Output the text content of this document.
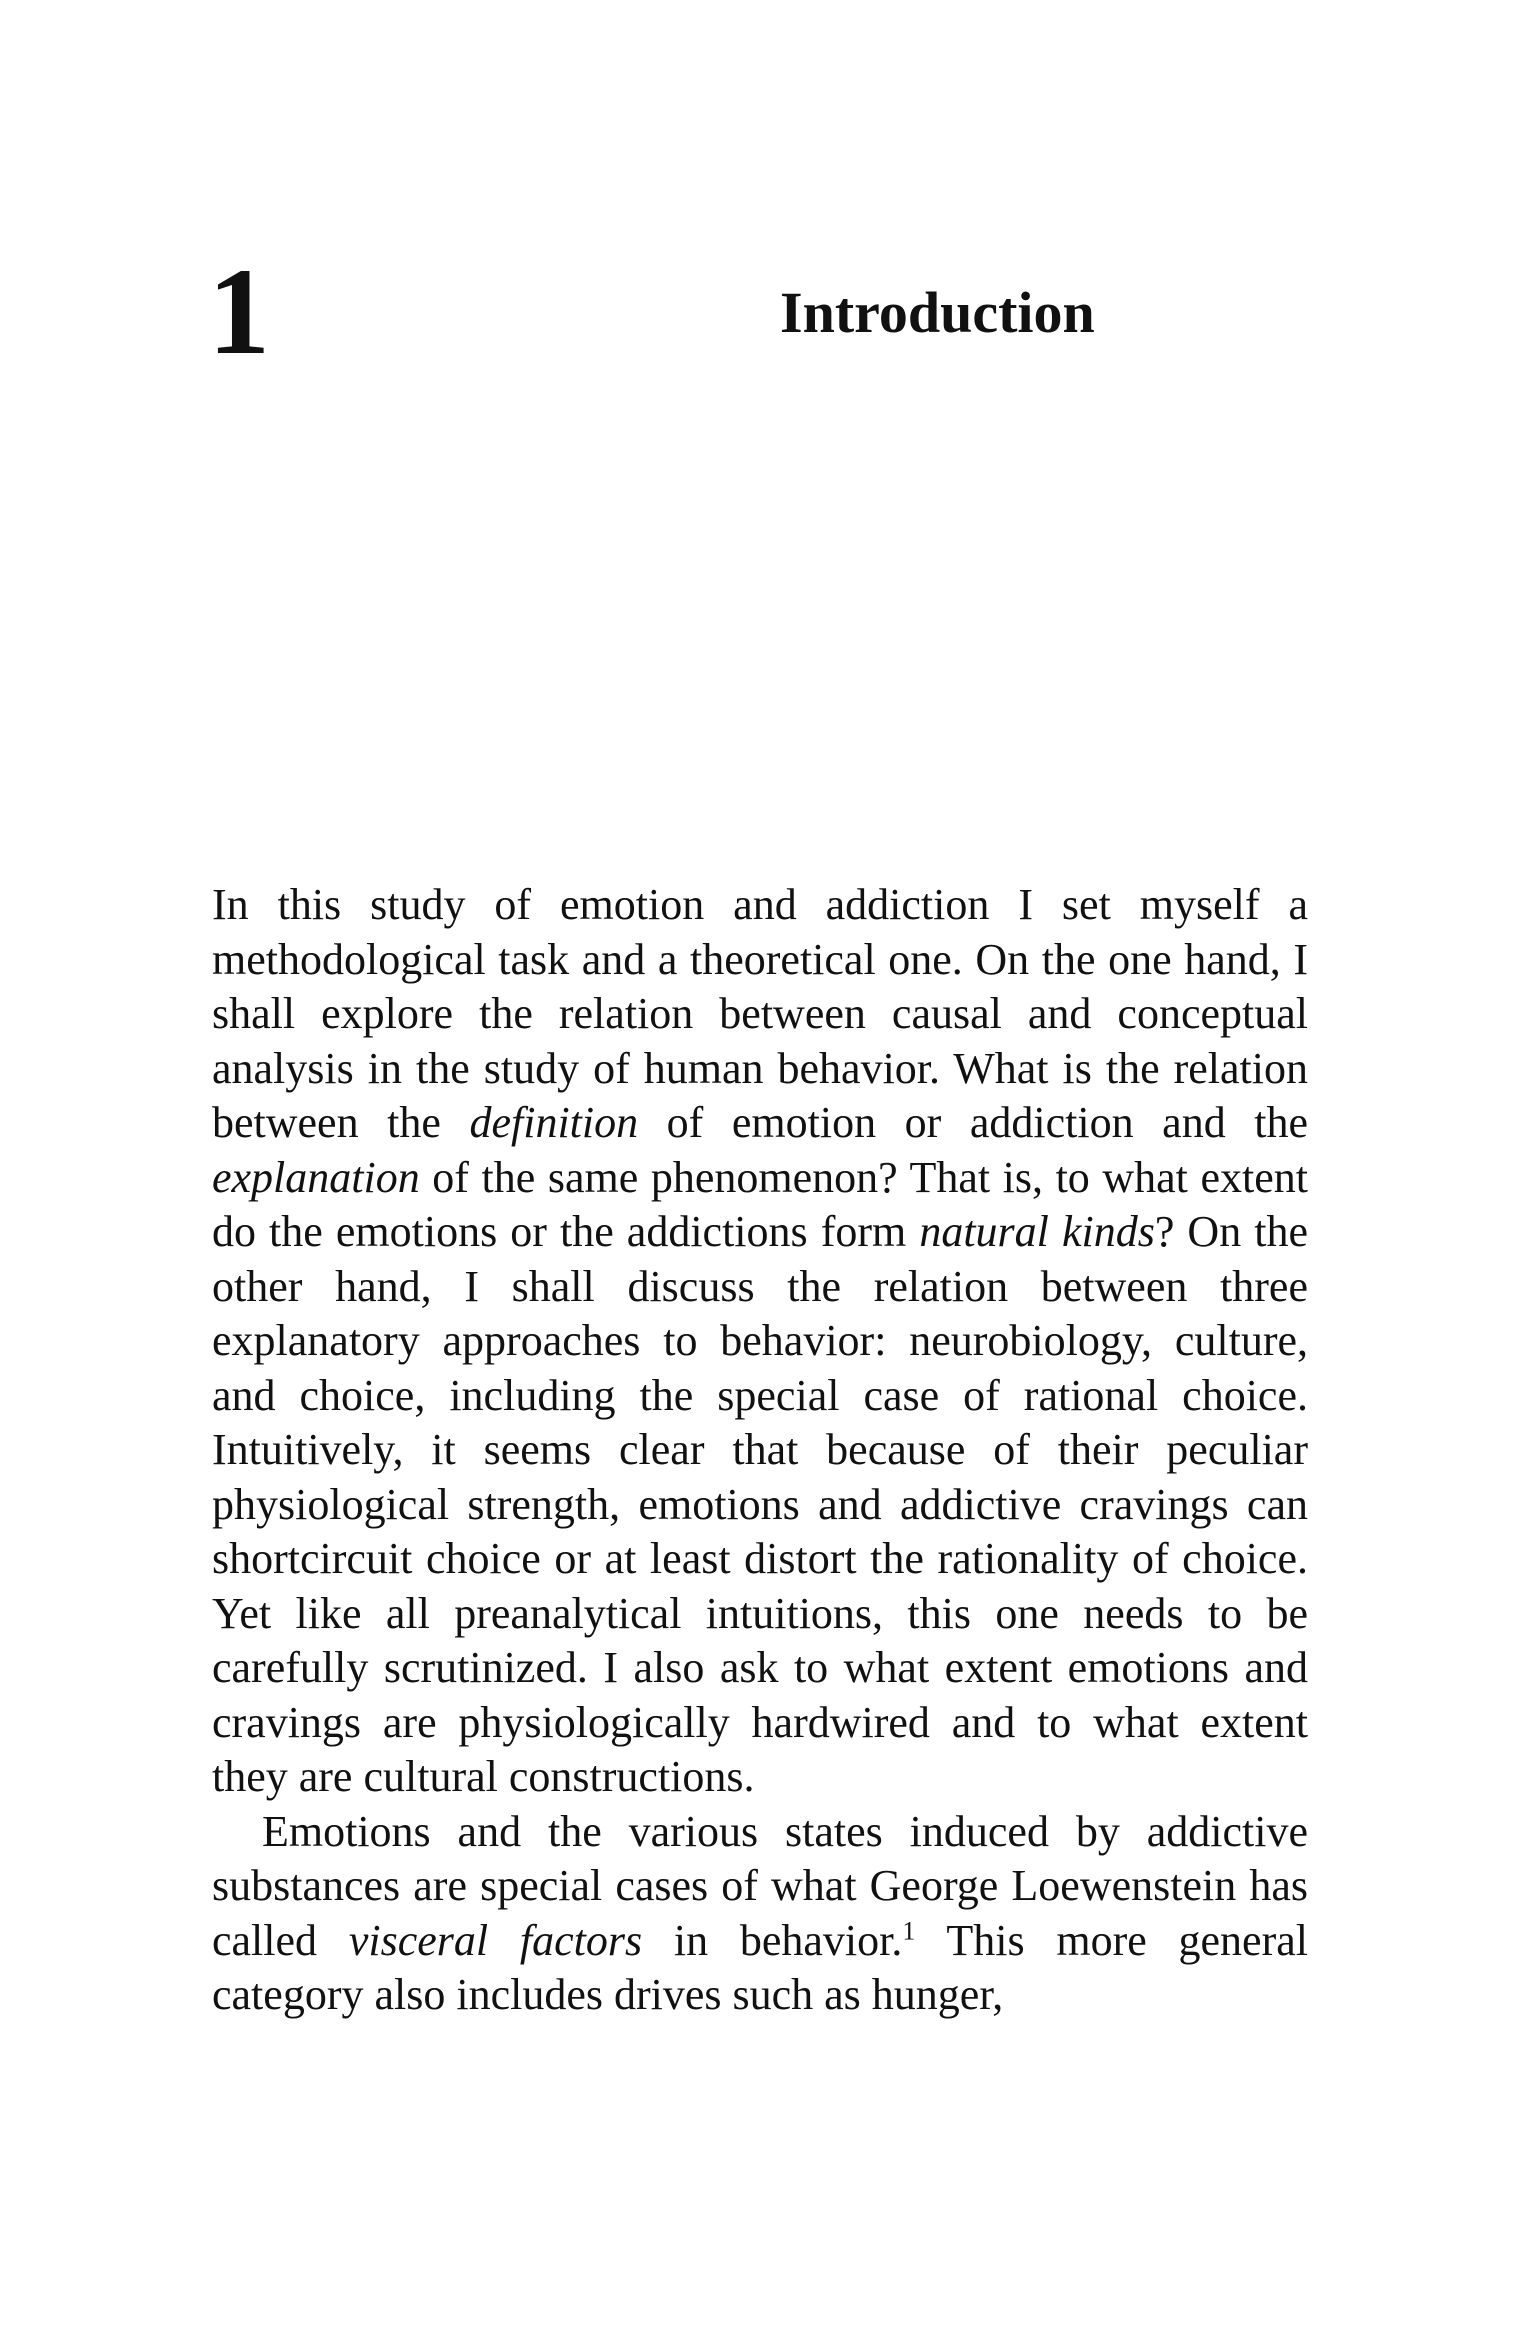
1	Introduction

In this study of emotion and addiction I set myself a methodological task and a theoretical one. On the one hand, I shall explore the relation between causal and conceptual analysis in the study of human behavior. What is the relation between the definition of emotion or addiction and the explanation of the same phenomenon? That is, to what extent do the emotions or the addictions form natural kinds? On the other hand, I shall discuss the relation between three explanatory approaches to behavior: neurobiology, culture, and choice, including the special case of rational choice. Intuitively, it seems clear that because of their peculiar physiological strength, emotions and addictive cravings can shortcircuit choice or at least distort the rationality of choice. Yet like all preanalytical intuitions, this one needs to be carefully scrutinized. I also ask to what extent emotions and cravings are physiologically hardwired and to what extent they are cultural constructions.

Emotions and the various states induced by addictive substances are special cases of what George Loewenstein has called visceral factors in behavior.$^1$ This more general category also includes drives such as hunger,
